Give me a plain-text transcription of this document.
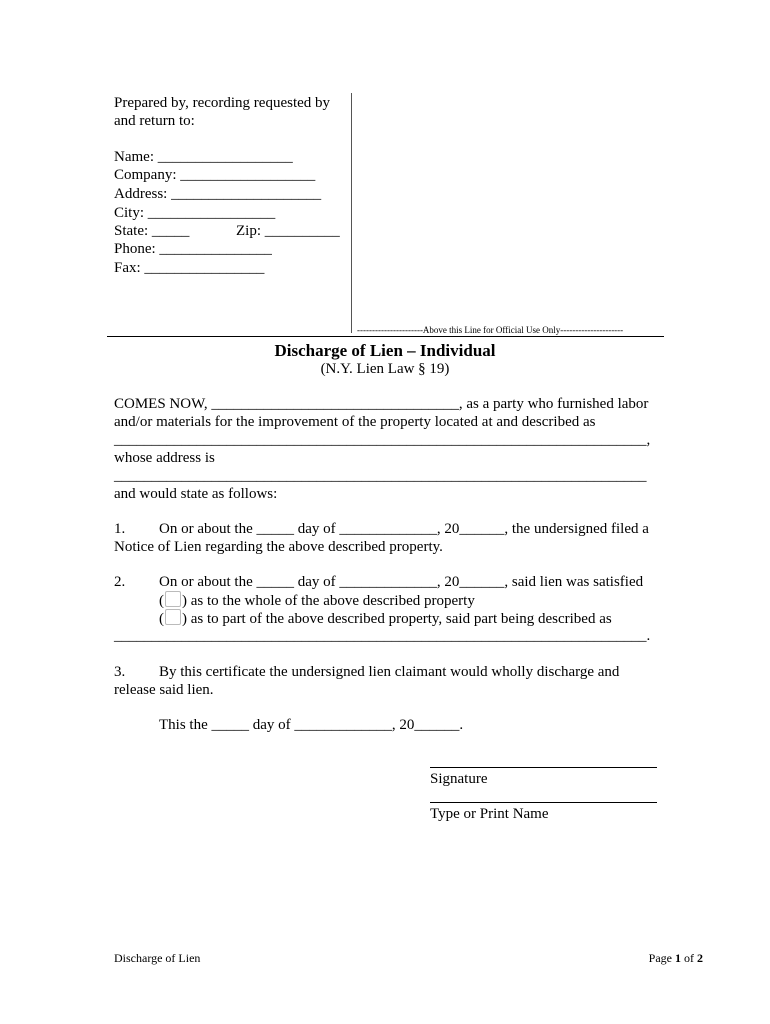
Prepared by, recording requested by
and return to:
Name: __________________
Company: __________________
Address: ____________________
City: _________________
State: _____	Zip: __________
Phone: _______________
Fax: ________________
----------------------Above this Line for Official Use Only---------------------
Discharge of Lien – Individual
(N.Y. Lien Law § 19)
COMES NOW, _________________________________, as a party who furnished labor
and/or materials for the improvement of the property located at and described as
_______________________________________________________________________,
whose address is
_______________________________________________________________________
and would state as follows:
1. On or about the _____ day of _____________, 20______, the undersigned filed a
Notice of Lien regarding the above described property.
2. On or about the _____ day of _____________, 20______, said lien was satisfied
( ) as to the whole of the above described property
( ) as to part of the above described property, said part being described as
_______________________________________________________________________.
3. By this certificate the undersigned lien claimant would wholly discharge and
release said lien.
This the _____ day of _____________, 20______.
Signature
Type or Print Name
Discharge of Lien	Page 1 of 2
